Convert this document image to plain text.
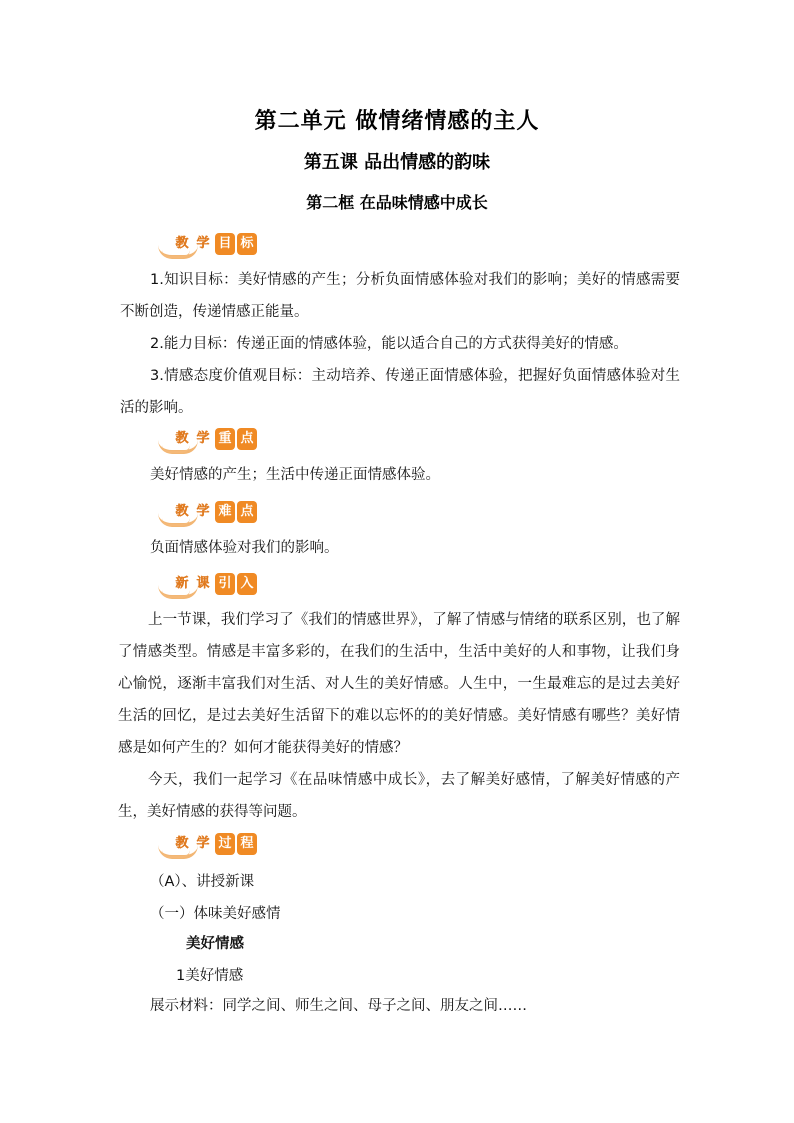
第二单元 做情绪情感的主人
第五课 品出情感的韵味
第二框 在品味情感中成长
教 学 目 标
1.知识目标：美好情感的产生；分析负面情感体验对我们的影响；美好的情感需要不断创造，传递情感正能量。
2.能力目标：传递正面的情感体验，能以适合自己的方式获得美好的情感。
3.情感态度价值观目标：主动培养、传递正面情感体验，把握好负面情感体验对生活的影响。
教 学 重 点
美好情感的产生；生活中传递正面情感体验。
教 学 难 点
负面情感体验对我们的影响。
新 课 引 入
上一节课，我们学习了《我们的情感世界》，了解了情感与情绪的联系区别，也了解了情感类型。情感是丰富多彩的，在我们的生活中，生活中美好的人和事物，让我们身心愉悦，逐渐丰富我们对生活、对人生的美好情感。人生中，一生最难忘的是过去美好生活的回忆，是过去美好生活留下的难以忘怀的的美好情感。美好情感有哪些？美好情感是如何产生的？如何才能获得美好的情感？
今天，我们一起学习《在品味情感中成长》，去了解美好感情，了解美好情感的产生，美好情感的获得等问题。
教 学 过 程
（A）、讲授新课
（一）体味美好感情
美好情感
1美好情感
展示材料：同学之间、师生之间、母子之间、朋友之间……
